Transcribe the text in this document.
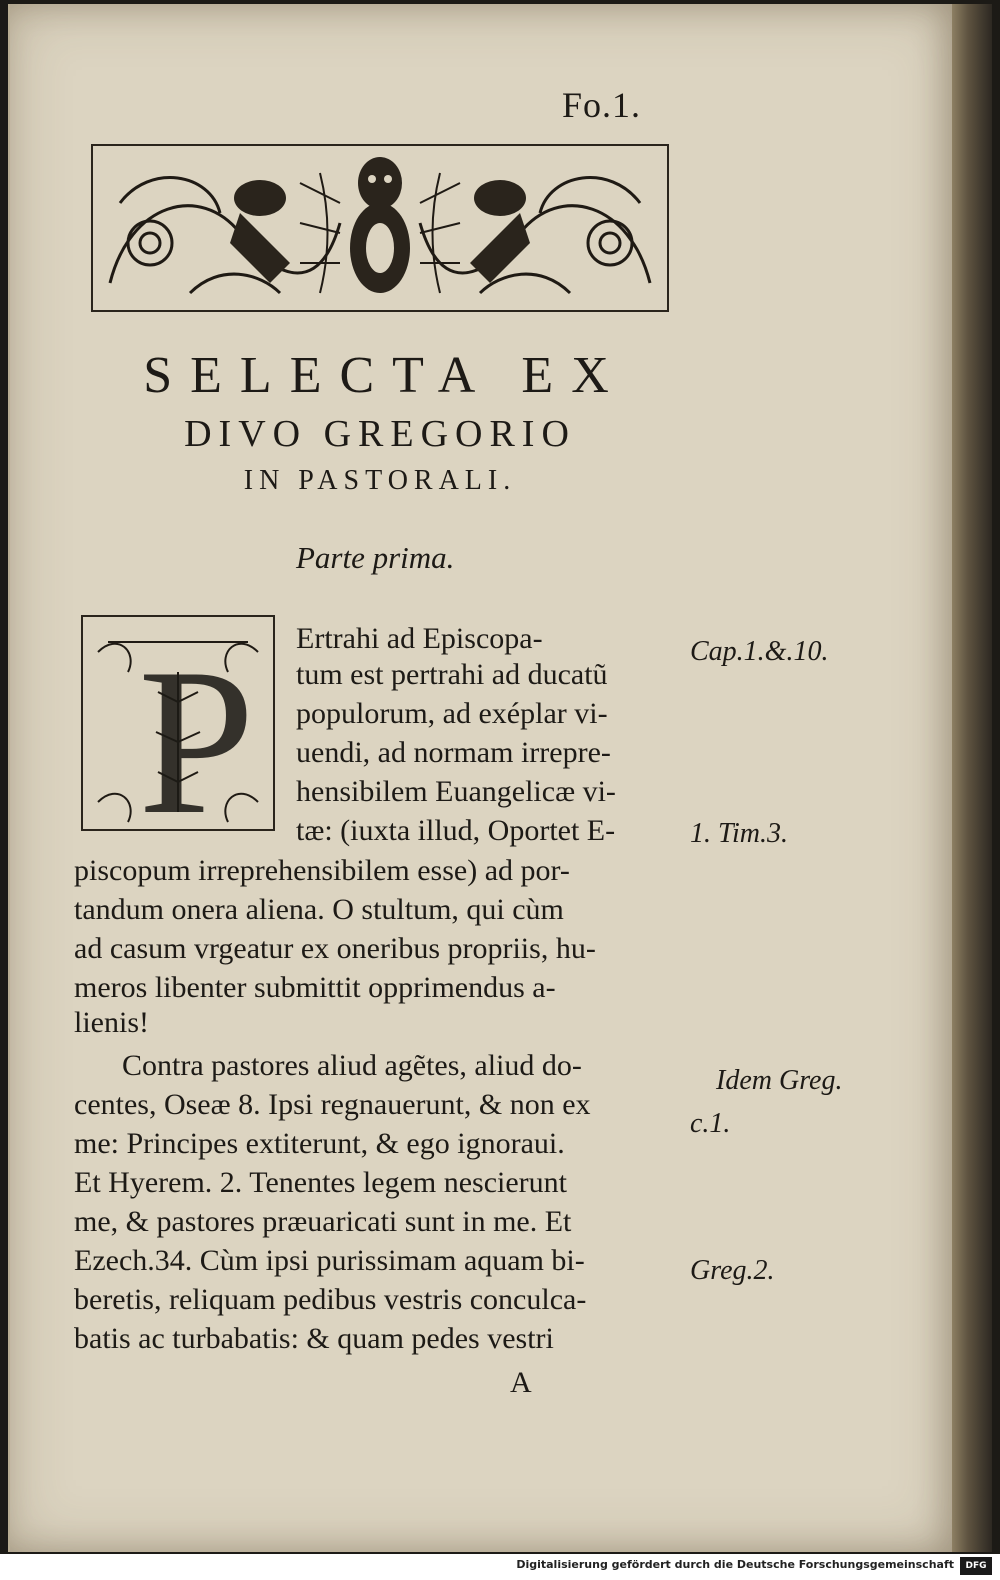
Fo.1.
SELECTA EX
DIVO GREGORIO
IN PASTORALI.
Parte prima.
P Ertrahi ad Episcopa-
tum est pertrahi ad ducatũ
populorum, ad exéplar vi-
uendi, ad normam irrepre-
hensibilem Euangelicæ vi-
tæ: (iuxta illud, Oportet E-
piscopum irreprehensibilem esse) ad por-
tandum onera aliena. O stultum, qui cùm
ad casum vrgeatur ex oneribus propriis, hu-
meros libenter submittit opprimendus a-
lienis!
Contra pastores aliud agẽtes, aliud do-
centes, Oseæ 8. Ipsi regnauerunt, & non ex
me: Principes extiterunt, & ego ignoraui.
Et Hyerem. 2. Tenentes legem nescierunt
me, & pastores præuaricati sunt in me. Et
Ezech.34. Cùm ipsi purissimam aquam bi-
beretis, reliquam pedibus vestris conculca-
batis ac turbabatis: & quam pedes vestri
Cap.1.&.10.
1. Tim.3.
Idem Greg.
c.1.
Greg.2.
A
Digitalisierung gefördert durch die Deutsche Forschungsgemeinschaft	DFG
